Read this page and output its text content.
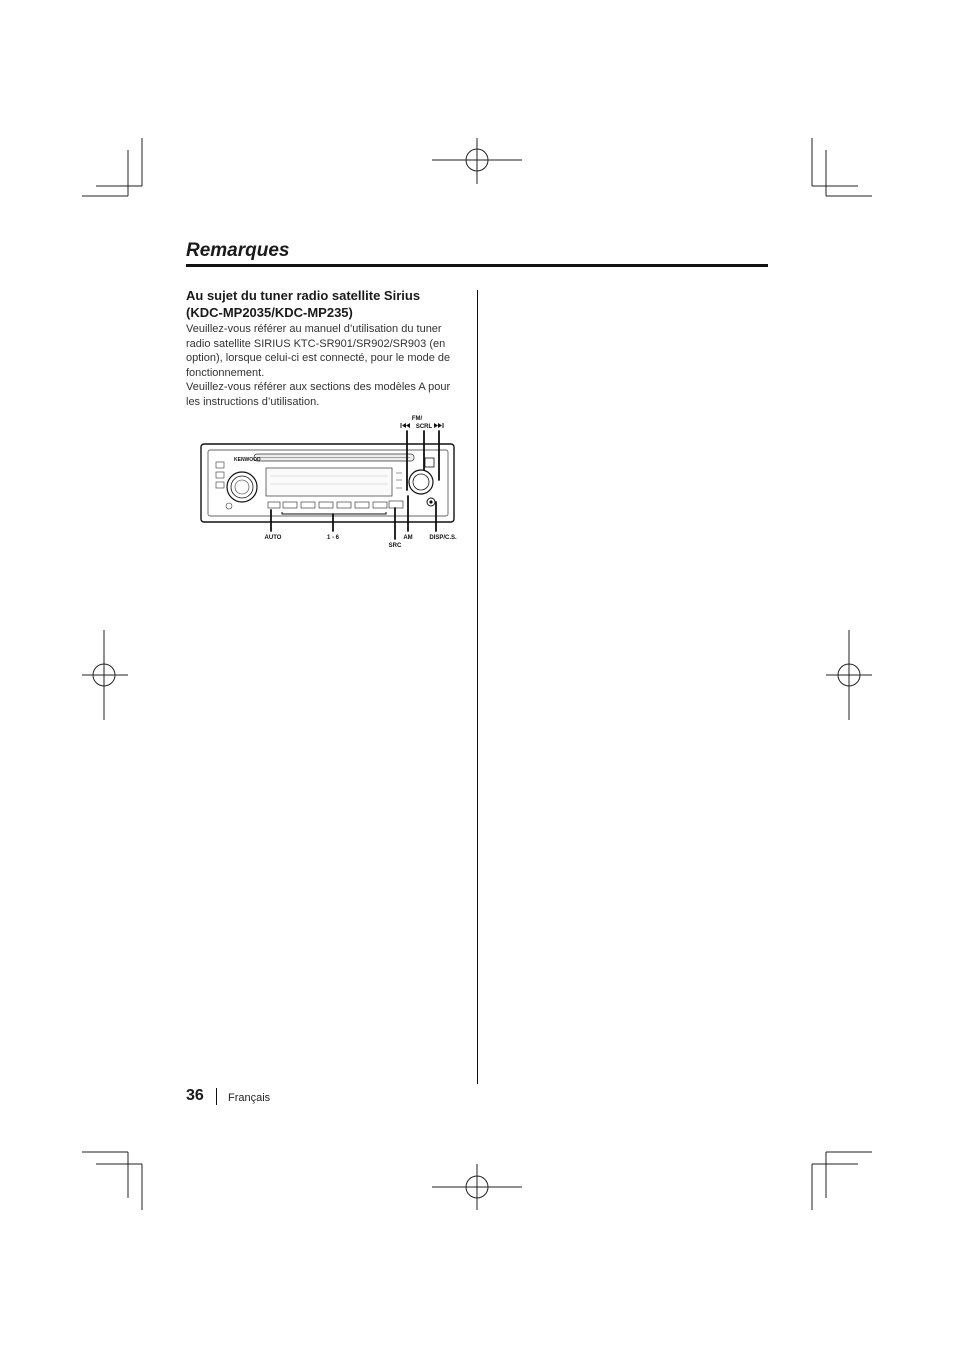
Remarques
Au sujet du tuner radio satellite Sirius
(KDC-MP2035/KDC-MP235)

Veuillez-vous référer au manuel d’utilisation du tuner radio satellite SIRIUS KTC-SR901/SR902/SR903 (en option), lorsque celui-ci est connecté, pour le mode de fonctionnement.

Veuillez-vous référer aux sections des modèles A pour les instructions d’utilisation.

FM/
SCRL
KENWOOD
AUTO	1 - 6	AM
SRC
DISP/C.S.
36 Français
